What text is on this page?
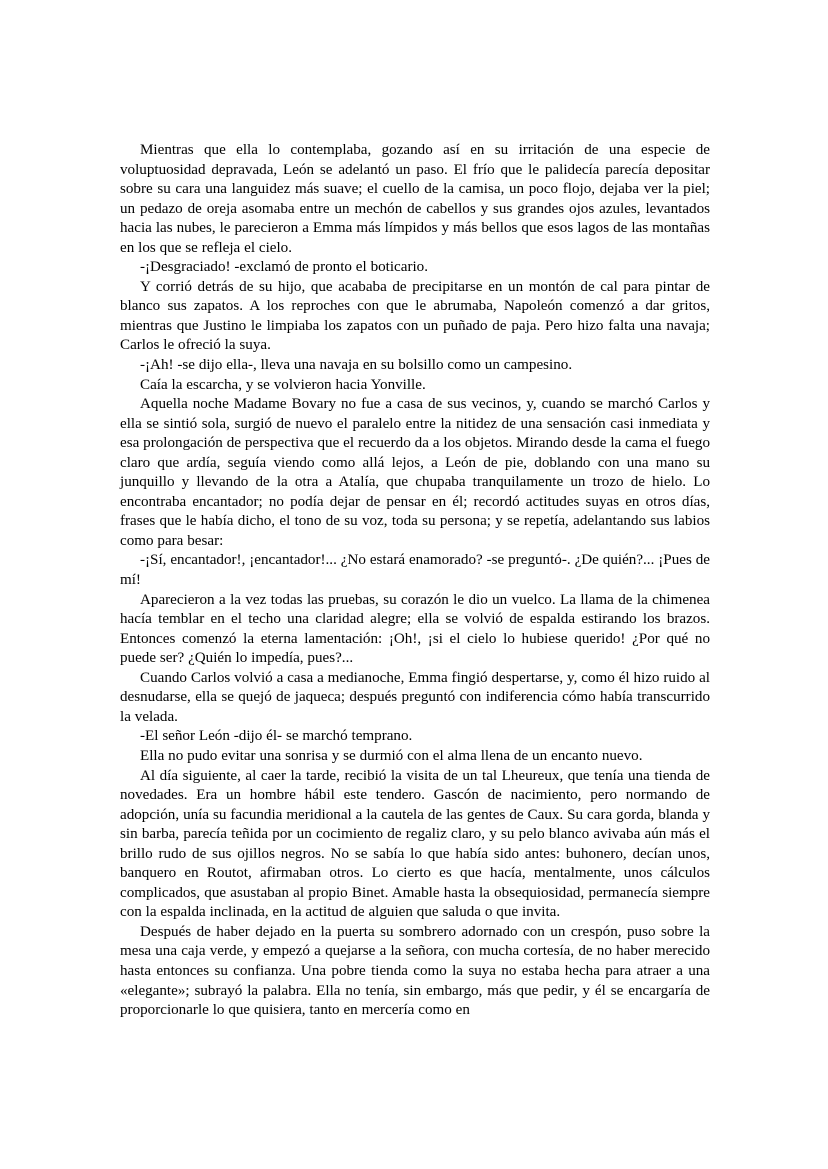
Mientras que ella lo contemplaba, gozando así en su irritación de una especie de voluptuosidad depravada, León se adelantó un paso. El frío que le palidecía parecía depositar sobre su cara una languidez más suave; el cuello de la camisa, un poco flojo, dejaba ver la piel; un pedazo de oreja asomaba entre un mechón de cabellos y sus grandes ojos azules, levantados hacia las nubes, le parecieron a Emma más límpidos y más bellos que esos lagos de las montañas en los que se refleja el cielo.

-¡Desgraciado! -exclamó de pronto el boticario.

Y corrió detrás de su hijo, que acababa de precipitarse en un montón de cal para pintar de blanco sus zapatos. A los reproches con que le abrumaba, Napoleón comenzó a dar gritos, mientras que Justino le limpiaba los zapatos con un puñado de paja. Pero hizo falta una navaja; Carlos le ofreció la suya.

-¡Ah! -se dijo ella-, lleva una navaja en su bolsillo como un campesino.

Caía la escarcha, y se volvieron hacia Yonville.

Aquella noche Madame Bovary no fue a casa de sus vecinos, y, cuando se marchó Carlos y ella se sintió sola, surgió de nuevo el paralelo entre la nitidez de una sensación casi inmediata y esa prolongación de perspectiva que el recuerdo da a los objetos. Mirando desde la cama el fuego claro que ardía, seguía viendo como allá lejos, a León de pie, doblando con una mano su junquillo y llevando de la otra a Atalía, que chupaba tranquilamente un trozo de hielo. Lo encontraba encantador; no podía dejar de pensar en él; recordó actitudes suyas en otros días, frases que le había dicho, el tono de su voz, toda su persona; y se repetía, adelantando sus labios como para besar:

-¡Sí, encantador!, ¡encantador!... ¿No estará enamorado? -se preguntó-. ¿De quién?... ¡Pues de mí!

Aparecieron a la vez todas las pruebas, su corazón le dio un vuelco. La llama de la chimenea hacía temblar en el techo una claridad alegre; ella se volvió de espalda estirando los brazos. Entonces comenzó la eterna lamentación: ¡Oh!, ¡si el cielo lo hubiese querido! ¿Por qué no puede ser? ¿Quién lo impedía, pues?...

Cuando Carlos volvió a casa a medianoche, Emma fingió despertarse, y, como él hizo ruido al desnudarse, ella se quejó de jaqueca; después preguntó con indiferencia cómo había transcurrido la velada.

-El señor León -dijo él- se marchó temprano.

Ella no pudo evitar una sonrisa y se durmió con el alma llena de un encanto nuevo.

Al día siguiente, al caer la tarde, recibió la visita de un tal Lheureux, que tenía una tienda de novedades. Era un hombre hábil este tendero. Gascón de nacimiento, pero normando de adopción, unía su facundia meridional a la cautela de las gentes de Caux. Su cara gorda, blanda y sin barba, parecía teñida por un cocimiento de regaliz claro, y su pelo blanco avivaba aún más el brillo rudo de sus ojillos negros. No se sabía lo que había sido antes: buhonero, decían unos, banquero en Routot, afirmaban otros. Lo cierto es que hacía, mentalmente, unos cálculos complicados, que asustaban al propio Binet. Amable hasta la obsequiosidad, permanecía siempre con la espalda inclinada, en la actitud de alguien que saluda o que invita.

Después de haber dejado en la puerta su sombrero adornado con un crespón, puso sobre la mesa una caja verde, y empezó a quejarse a la señora, con mucha cortesía, de no haber merecido hasta entonces su confianza. Una pobre tienda como la suya no estaba hecha para atraer a una «elegante»; subrayó la palabra. Ella no tenía, sin embargo, más que pedir, y él se encargaría de proporcionarle lo que quisiera, tanto en mercería como en
